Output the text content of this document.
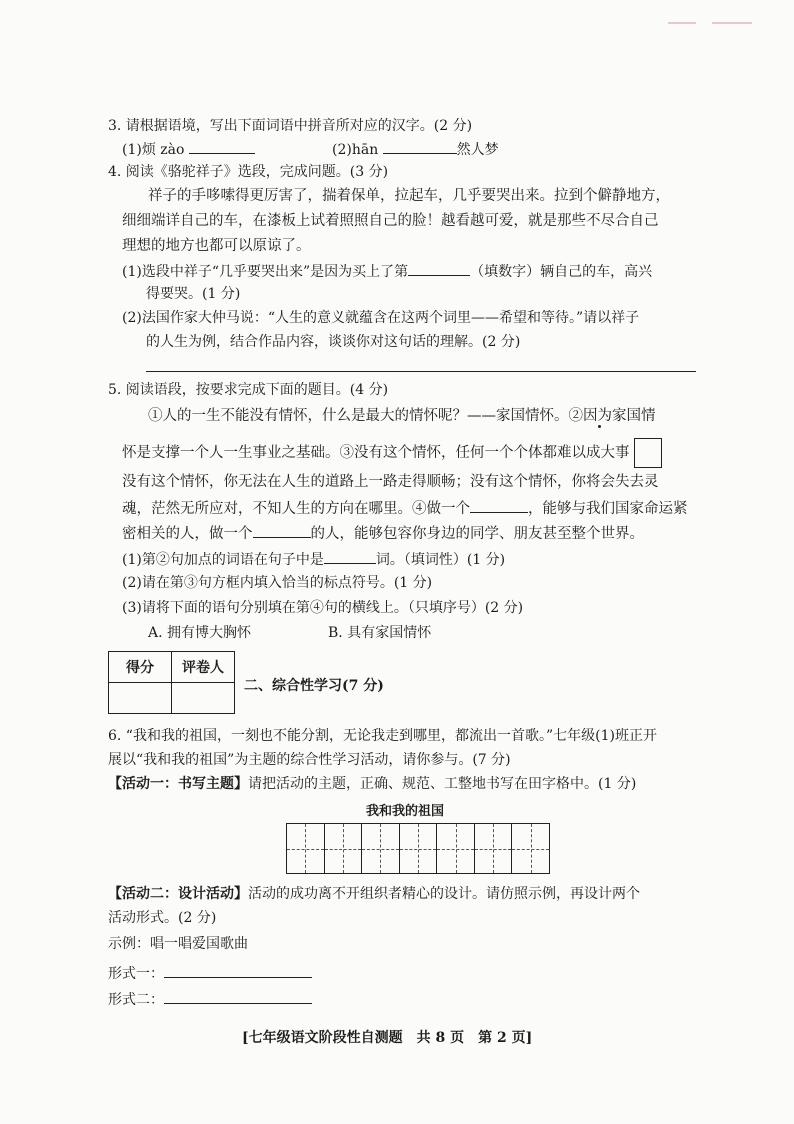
3. 请根据语境，写出下面词语中拼音所对应的汉字。(2 分)
(1)烦 zào	(2)hān	然人梦
4. 阅读《骆驼祥子》选段，完成问题。(3 分)
祥子的手哆嗦得更厉害了，揣着保单，拉起车，几乎要哭出来。拉到个僻静地方，
细细端详自己的车，在漆板上试着照照自己的脸！越看越可爱，就是那些不尽合自己
理想的地方也都可以原谅了。
(1)选段中祥子“几乎要哭出来”是因为买上了第	（填数字）辆自己的车，高兴
得要哭。(1 分)
(2)法国作家大仲马说：“人生的意义就蕴含在这两个词里——希望和等待。”请以祥子
的人生为例，结合作品内容，谈谈你对这句话的理解。(2 分)
5. 阅读语段，按要求完成下面的题目。(4 分)
①人的一生不能没有情怀，什么是最大的情怀呢？——家国情怀。②因为家国情
怀是支撑一个人一生事业之基础。③没有这个情怀，任何一个个体都难以成大事
没有这个情怀，你无法在人生的道路上一路走得顺畅；没有这个情怀，你将会失去灵
魂，茫然无所应对，不知人生的方向在哪里。④做一个	，能够与我们国家命运紧
密相关的人，做一个	的人，能够包容你身边的同学、朋友甚至整个世界。
(1)第②句加点的词语在句子中是	词。（填词性）(1 分)
(2)请在第③句方框内填入恰当的标点符号。(1 分)
(3)请将下面的语句分别填在第④句的横线上。（只填序号）(2 分)
A. 拥有博大胸怀	B. 具有家国情怀
得分	评卷人

二、综合性学习(7 分)
6. “我和我的祖国，一刻也不能分割，无论我走到哪里，都流出一首歌。”七年级(1)班正开
展以“我和我的祖国”为主题的综合性学习活动，请你参与。(7 分)
【活动一：书写主题】请把活动的主题，正确、规范、工整地书写在田字格中。(1 分)
我和我的祖国
【活动二：设计活动】活动的成功离不开组织者精心的设计。请仿照示例，再设计两个
活动形式。(2 分)
示例：唱一唱爱国歌曲
形式一：
形式二：
[七年级语文阶段性自测题　共 8 页　第 2 页]
